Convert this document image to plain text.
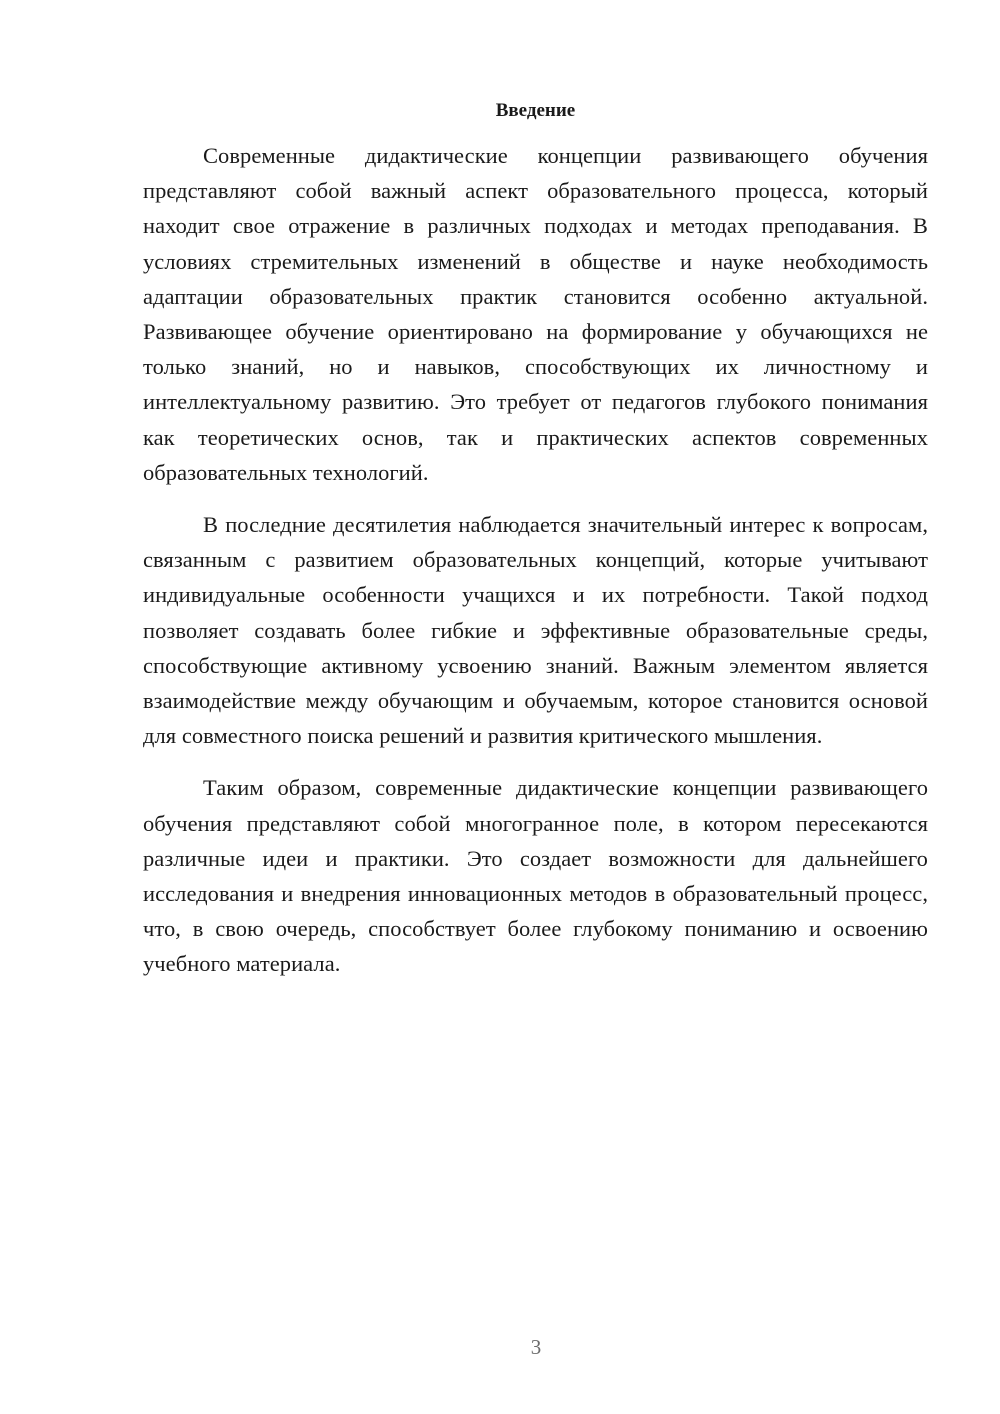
Введение

Современные дидактические концепции развивающего обучения представляют собой важный аспект образовательного процесса, который находит свое отражение в различных подходах и методах преподавания. В условиях стремительных изменений в обществе и науке необходимость адаптации образовательных практик становится особенно актуальной. Развивающее обучение ориентировано на формирование у обучающихся не только знаний, но и навыков, способствующих их личностному и интеллектуальному развитию. Это требует от педагогов глубокого понимания как теоретических основ, так и практических аспектов современных образовательных технологий.

В последние десятилетия наблюдается значительный интерес к вопросам, связанным с развитием образовательных концепций, которые учитывают индивидуальные особенности учащихся и их потребности. Такой подход позволяет создавать более гибкие и эффективные образовательные среды, способствующие активному усвоению знаний. Важным элементом является взаимодействие между обучающим и обучаемым, которое становится основой для совместного поиска решений и развития критического мышления.

Таким образом, современные дидактические концепции развивающего обучения представляют собой многогранное поле, в котором пересекаются различные идеи и практики. Это создает возможности для дальнейшего исследования и внедрения инновационных методов в образовательный процесс, что, в свою очередь, способствует более глубокому пониманию и освоению учебного материала.

3
